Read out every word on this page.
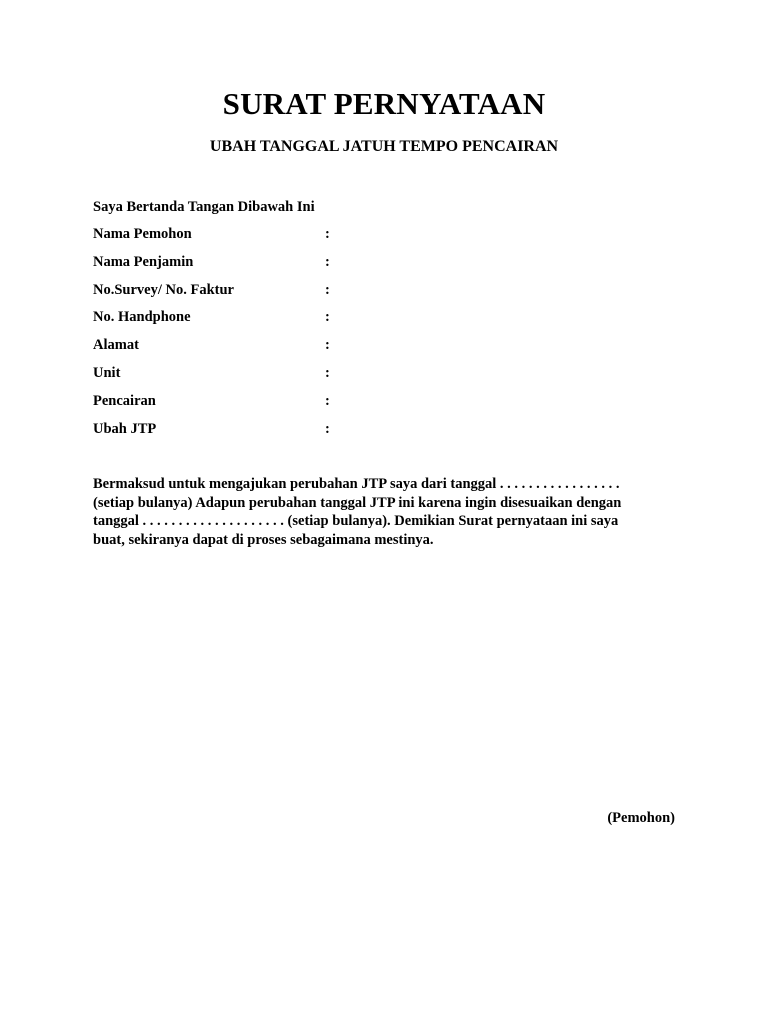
SURAT PERNYATAAN
UBAH TANGGAL JATUH TEMPO PENCAIRAN
Saya Bertanda Tangan Dibawah Ini
Nama Pemohon	:
Nama Penjamin	:
No.Survey/ No. Faktur	:
No. Handphone	:
Alamat	:
Unit	:
Pencairan	:
Ubah JTP	:

Bermaksud untuk mengajukan perubahan JTP saya dari tanggal . . . . . . . . . . . . . . . . .
(setiap bulanya) Adapun perubahan tanggal JTP ini karena ingin disesuaikan dengan
tanggal . . . . . . . . . . . . . . . . . . . . (setiap bulanya). Demikian Surat pernyataan ini saya
buat, sekiranya dapat di proses sebagaimana mestinya.

(Pemohon)
